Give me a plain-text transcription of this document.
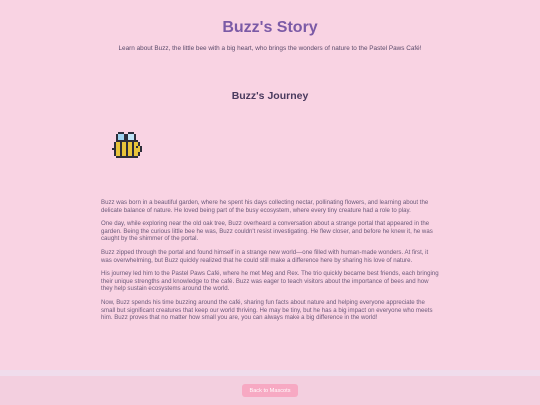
Buzz's Story
Learn about Buzz, the little bee with a big heart, who brings the wonders of nature to the Pastel Paws Café!
Buzz's Journey

Buzz was born in a beautiful garden, where he spent his days collecting nectar, pollinating flowers, and learning about the delicate balance of nature. He loved being part of the busy ecosystem, where every tiny creature had a role to play.

One day, while exploring near the old oak tree, Buzz overheard a conversation about a strange portal that appeared in the garden. Being the curious little bee he was, Buzz couldn't resist investigating. He flew closer, and before he knew it, he was caught by the shimmer of the portal.

Buzz zipped through the portal and found himself in a strange new world—one filled with human-made wonders. At first, it was overwhelming, but Buzz quickly realized that he could still make a difference here by sharing his love of nature.

His journey led him to the Pastel Paws Café, where he met Meg and Rex. The trio quickly became best friends, each bringing their unique strengths and knowledge to the café. Buzz was eager to teach visitors about the importance of bees and how they help sustain ecosystems around the world.

Now, Buzz spends his time buzzing around the café, sharing fun facts about nature and helping everyone appreciate the small but significant creatures that keep our world thriving. He may be tiny, but he has a big impact on everyone who meets him. Buzz proves that no matter how small you are, you can always make a big difference in the world!

Back to Mascots
